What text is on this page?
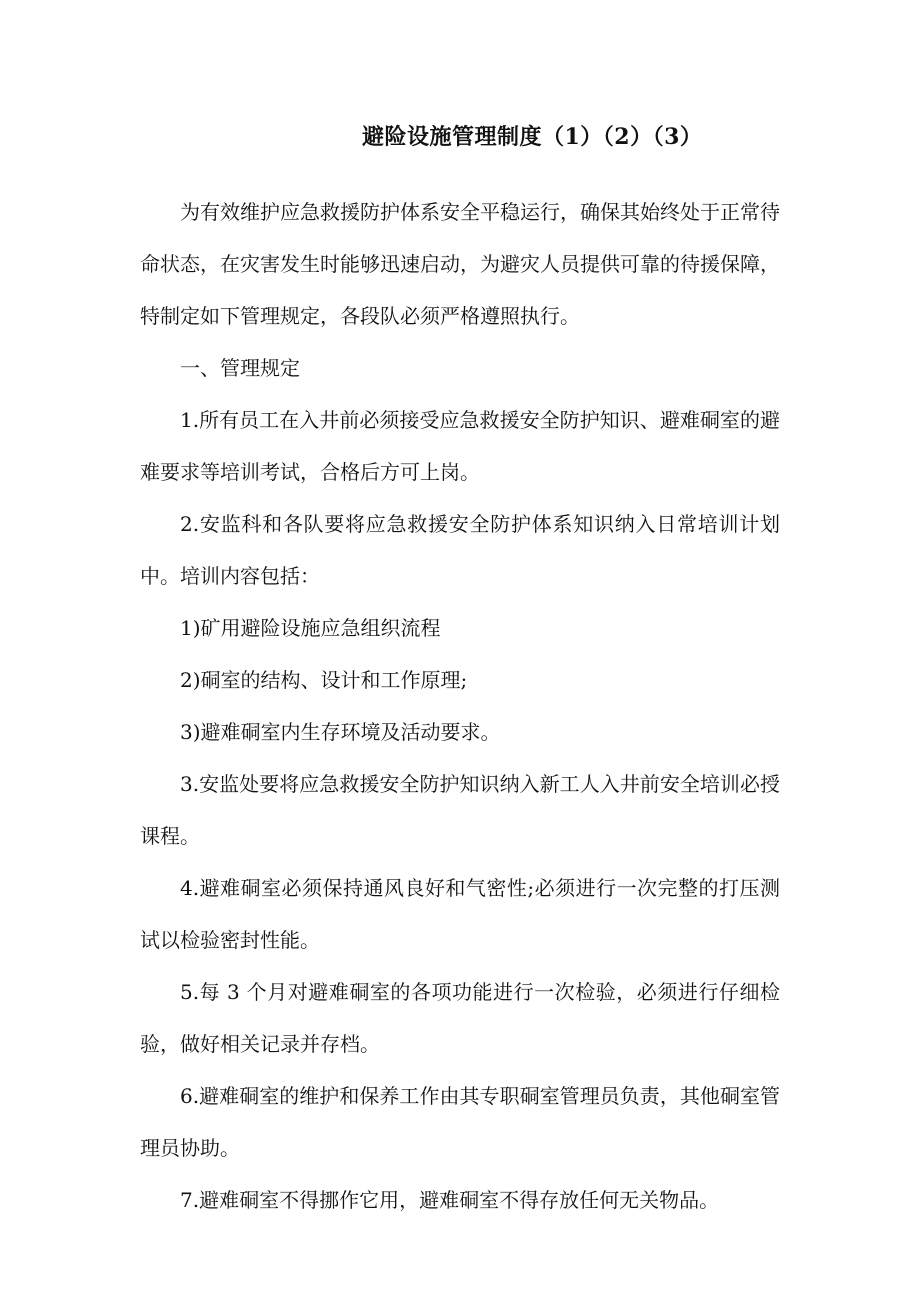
避险设施管理制度（1）（2）（3）

为有效维护应急救援防护体系安全平稳运行，确保其始终处于正常待命状态，在灾害发生时能够迅速启动，为避灾人员提供可靠的待援保障，特制定如下管理规定，各段队必须严格遵照执行。

一、管理规定

1.所有员工在入井前必须接受应急救援安全防护知识、避难硐室的避难要求等培训考试，合格后方可上岗。

2.安监科和各队要将应急救援安全防护体系知识纳入日常培训计划中。培训内容包括：

1)矿用避险设施应急组织流程

2)硐室的结构、设计和工作原理;

3)避难硐室内生存环境及活动要求。

3.安监处要将应急救援安全防护知识纳入新工人入井前安全培训必授课程。

4.避难硐室必须保持通风良好和气密性;必须进行一次完整的打压测试以检验密封性能。

5.每 3 个月对避难硐室的各项功能进行一次检验，必须进行仔细检验，做好相关记录并存档。

6.避难硐室的维护和保养工作由其专职硐室管理员负责，其他硐室管理员协助。

7.避难硐室不得挪作它用，避难硐室不得存放任何无关物品。
